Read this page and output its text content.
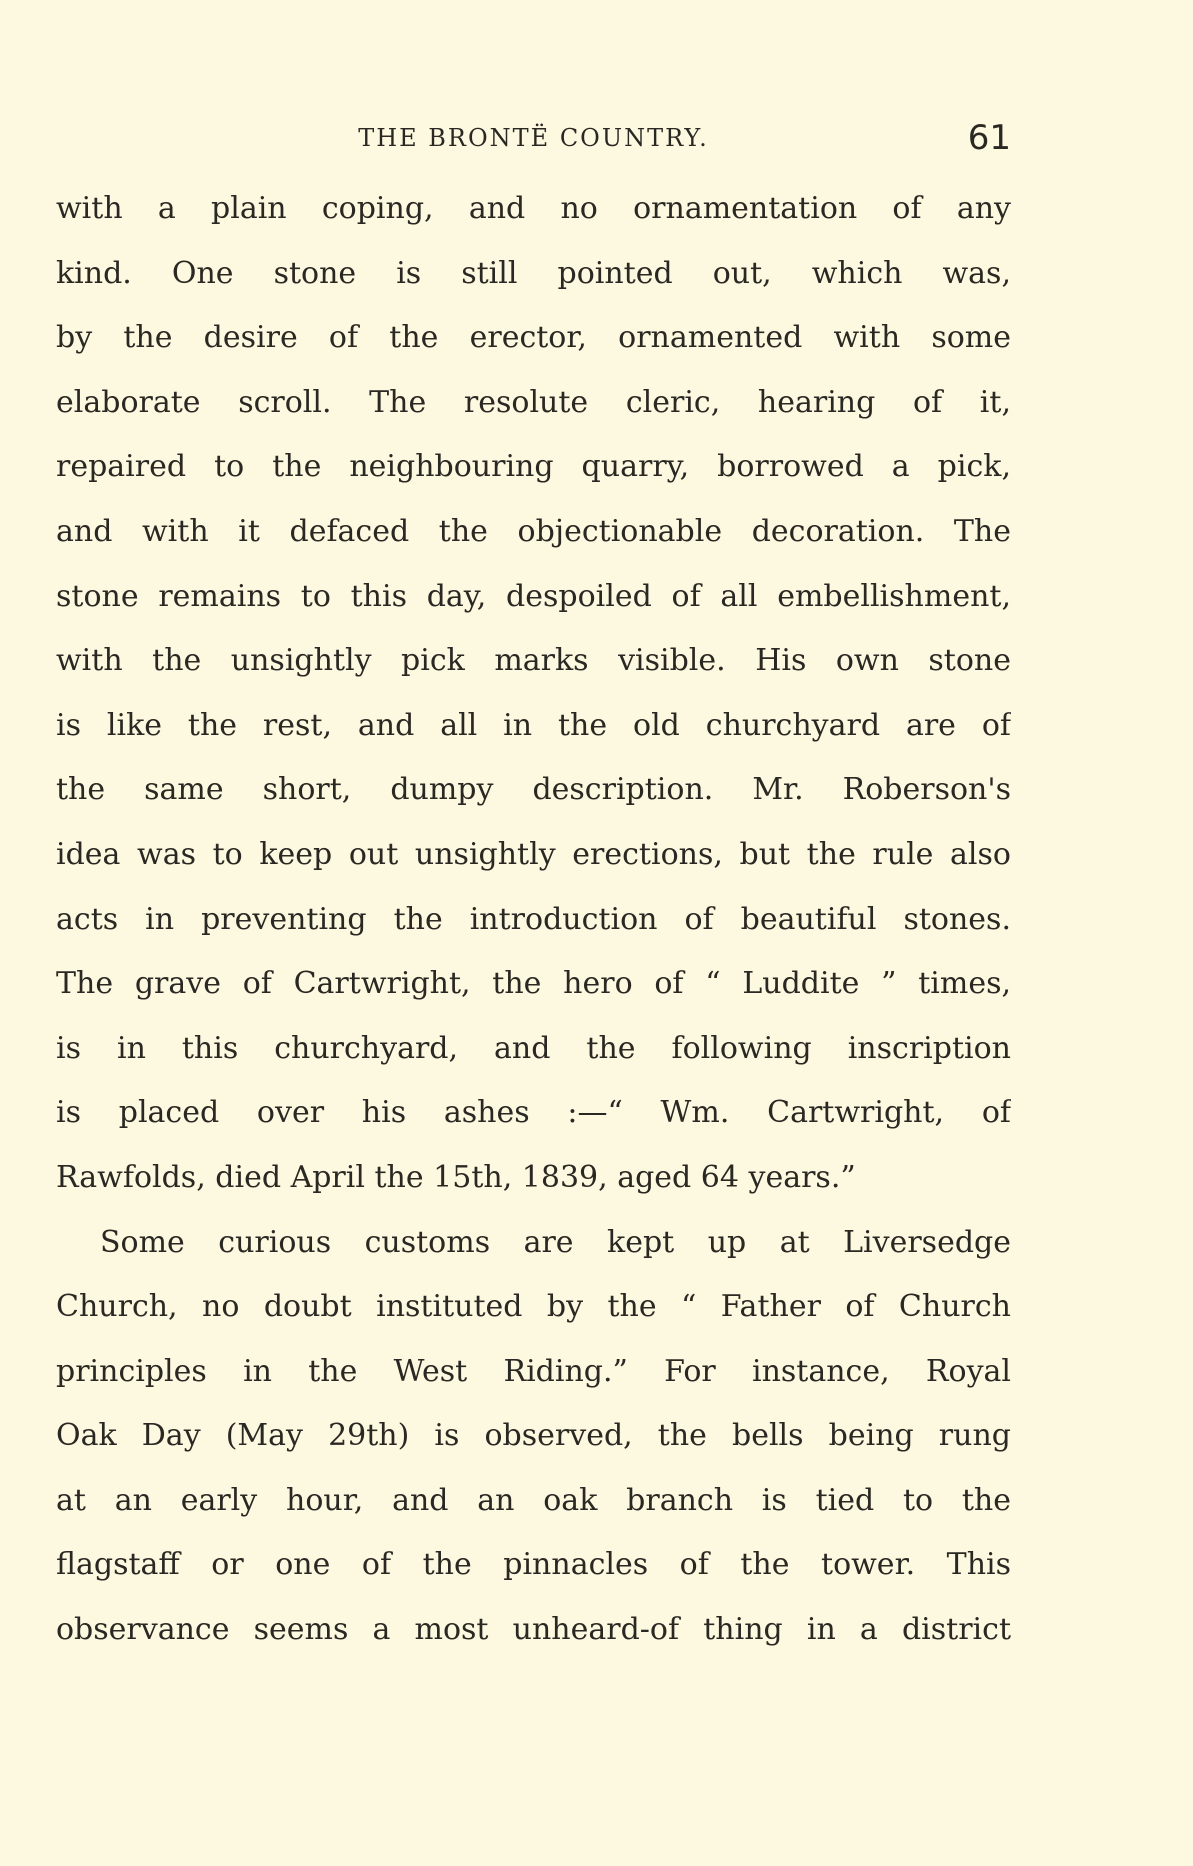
THE BRONTË COUNTRY.	61
with a plain coping, and no ornamentation of any
kind. One stone is still pointed out, which was,
by the desire of the erector, ornamented with some
elaborate scroll. The resolute cleric, hearing of it,
repaired to the neighbouring quarry, borrowed a pick,
and with it defaced the objectionable decoration. The
stone remains to this day, despoiled of all embellishment,
with the unsightly pick marks visible. His own stone
is like the rest, and all in the old churchyard are of
the same short, dumpy description. Mr. Roberson's
idea was to keep out unsightly erections, but the rule also
acts in preventing the introduction of beautiful stones.
The grave of Cartwright, the hero of “ Luddite ” times,
is in this churchyard, and the following inscription
is placed over his ashes :—“ Wm. Cartwright, of
Rawfolds, died April the 15th, 1839, aged 64 years.”
Some curious customs are kept up at Liversedge
Church, no doubt instituted by the “ Father of Church
principles in the West Riding.” For instance, Royal
Oak Day (May 29th) is observed, the bells being rung
at an early hour, and an oak branch is tied to the
flagstaff or one of the pinnacles of the tower. This
observance seems a most unheard-of thing in a district
